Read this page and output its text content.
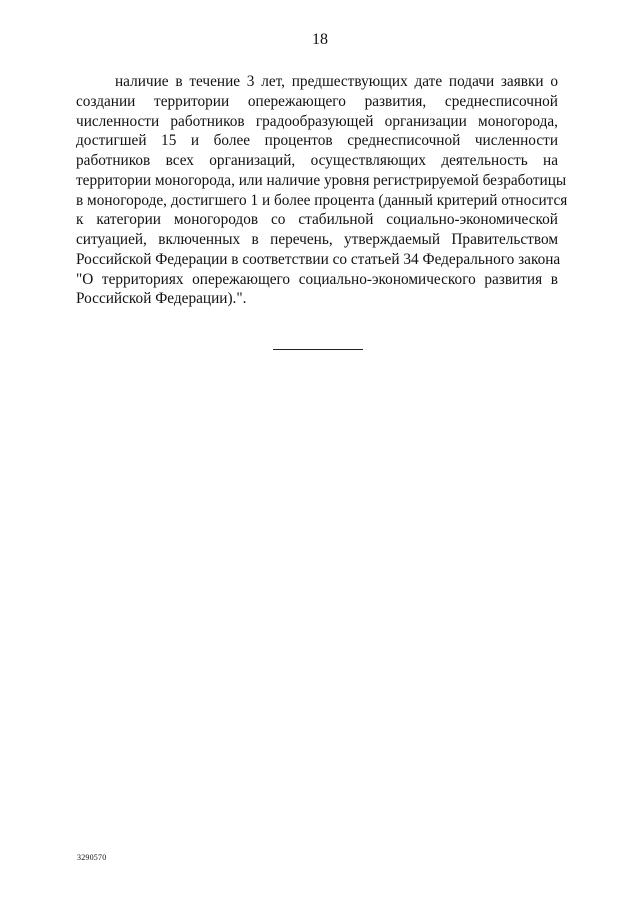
18
наличие в течение 3 лет, предшествующих дате подачи заявки о
создании территории опережающего развития, среднесписочной
численности работников градообразующей организации моногорода,
достигшей 15 и более процентов среднесписочной численности
работников всех организаций, осуществляющих деятельность на
территории моногорода, или наличие уровня регистрируемой безработицы
в моногороде, достигшего 1 и более процента (данный критерий относится
к категории моногородов со стабильной социально-экономической
ситуацией, включенных в перечень, утверждаемый Правительством
Российской Федерации в соответствии со статьей 34 Федерального закона
"О территориях опережающего социально-экономического развития в
Российской Федерации).".
3290570
